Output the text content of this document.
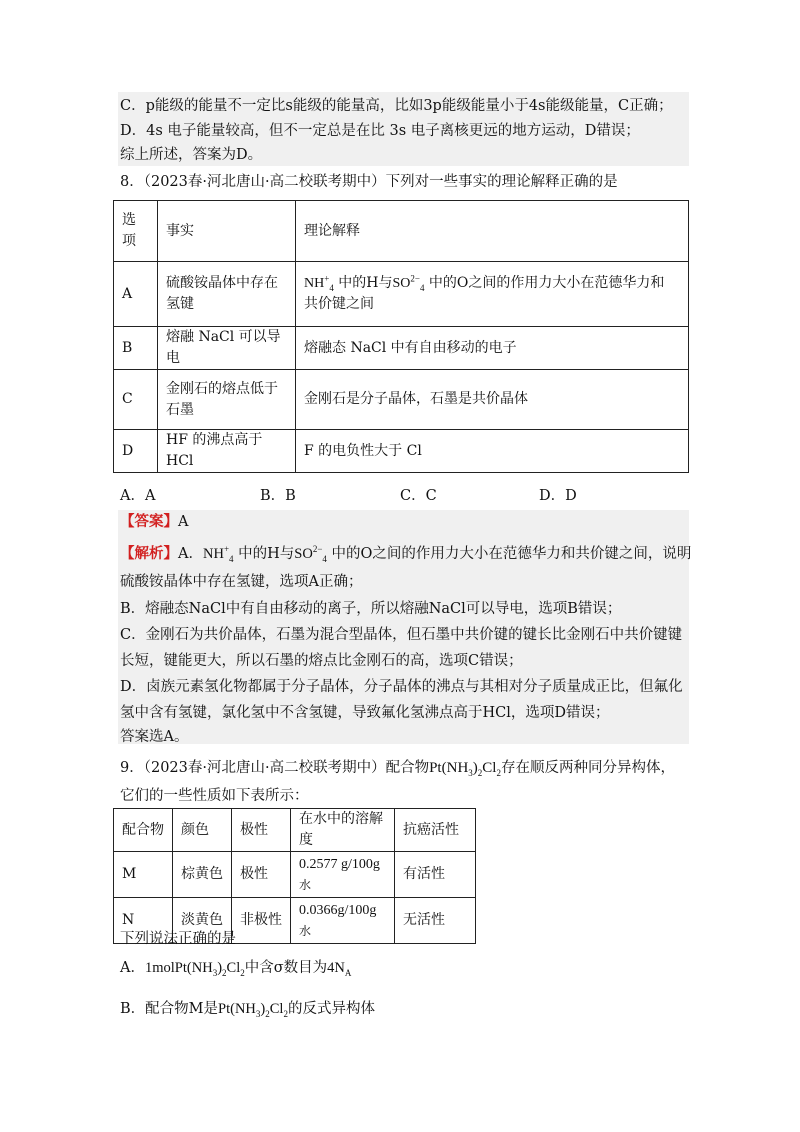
C．p能级的能量不一定比s能级的能量高，比如3p能级能量小于4s能级能量，C正确；
D．4s 电子能量较高，但不一定总是在比 3s 电子离核更远的地方运动，D错误；
综上所述，答案为D。
8．（2023春·河北唐山·高二校联考期中）下列对一些事实的理论解释正确的是
选
项	事实	理论解释
A	硫酸铵晶体中存在
氢键	$NH^+_4$ 中的H与$SO^{2-}_4$ 中的O之间的作用力大小在范德华力和
共价键之间
B	熔融 NaCl 可以导电	熔融态 NaCl 中有自由移动的电子
C	金刚石的熔点低于
石墨	金刚石是分子晶体，石墨是共价晶体
D	HF 的沸点高于 HCl	F 的电负性大于 Cl
A．A	B．B	C．C	D．D
【答案】A
【解析】A．$NH^+_4$ 中的H与$SO^{2-}_4$ 中的O之间的作用力大小在范德华力和共价键之间，说明
硫酸铵晶体中存在氢键，选项A正确；
B．熔融态NaCl中有自由移动的离子，所以熔融NaCl可以导电，选项B错误；
C．金刚石为共价晶体，石墨为混合型晶体，但石墨中共价键的键长比金刚石中共价键键
长短，键能更大，所以石墨的熔点比金刚石的高，选项C错误；
D．卤族元素氢化物都属于分子晶体，分子晶体的沸点与其相对分子质量成正比，但氟化
氢中含有氢键，氯化氢中不含氢键，导致氟化氢沸点高于HCl，选项D错误；
答案选A。
9．（2023春·河北唐山·高二校联考期中）配合物$Pt(NH_3)_2Cl_2$存在顺反两种同分异构体，
它们的一些性质如下表所示：
配合物	颜色	极性	在水中的溶解度	抗癌活性
M	棕黄色	极性	0.2577 g/100g水	有活性
N	淡黄色	非极性	0.0366g/100g水	无活性
下列说法正确的是
A．$1molPt(NH_3)_2Cl_2$中含σ数目为$4N_A$
B．配合物M是$Pt(NH_3)_2Cl_2$的反式异构体
